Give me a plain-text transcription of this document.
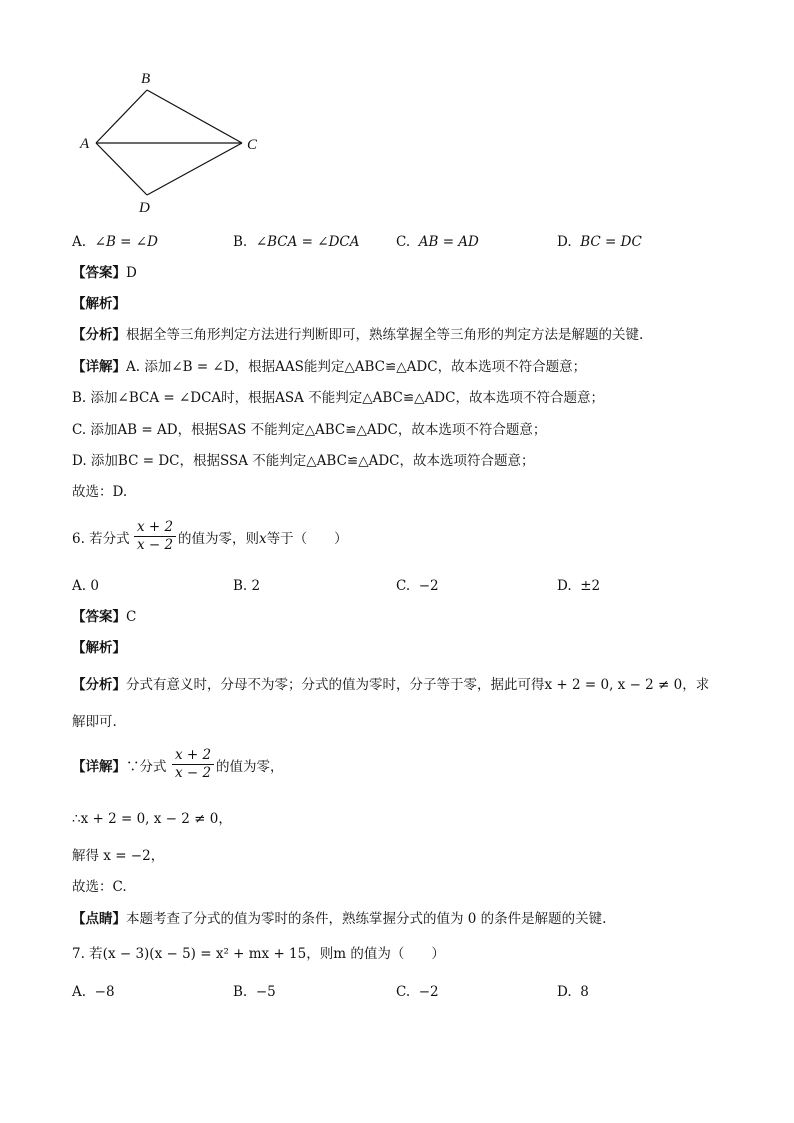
B
A	C
D
A. ∠B = ∠D	B. ∠BCA = ∠DCA	C. AB = AD	D. BC = DC
【答案】D
【解析】
【分析】根据全等三角形判定方法进行判断即可，熟练掌握全等三角形的判定方法是解题的关键.
【详解】A. 添加∠B = ∠D，根据AAS能判定△ABC≌△ADC，故本选项不符合题意；
B. 添加∠BCA = ∠DCA时，根据ASA 不能判定△ABC≌△ADC，故本选项不符合题意；
C. 添加AB = AD，根据SAS 不能判定△ABC≌△ADC，故本选项不符合题意；
D. 添加BC = DC，根据SSA 不能判定△ABC≌△ADC，故本选项符合题意；
故选：D.
6. 若分式
x + 2
x − 2 的值为零，则x等于（　　）
A. 0	B. 2	C. −2	D. ±2
【答案】C
【解析】
【分析】分式有意义时，分母不为零；分式的值为零时，分子等于零，据此可得x + 2 = 0, x − 2 ≠ 0，求
解即可.
【详解】∵分式
x + 2
x − 2 的值为零，
∴x + 2 = 0, x − 2 ≠ 0，
解得 x = −2，
故选：C.
【点睛】本题考查了分式的值为零时的条件，熟练掌握分式的值为 0 的条件是解题的关键.
7. 若(x − 3)(x − 5) = x² + mx + 15，则m 的值为（　　）
A. −8	B. −5	C. −2	D. 8
